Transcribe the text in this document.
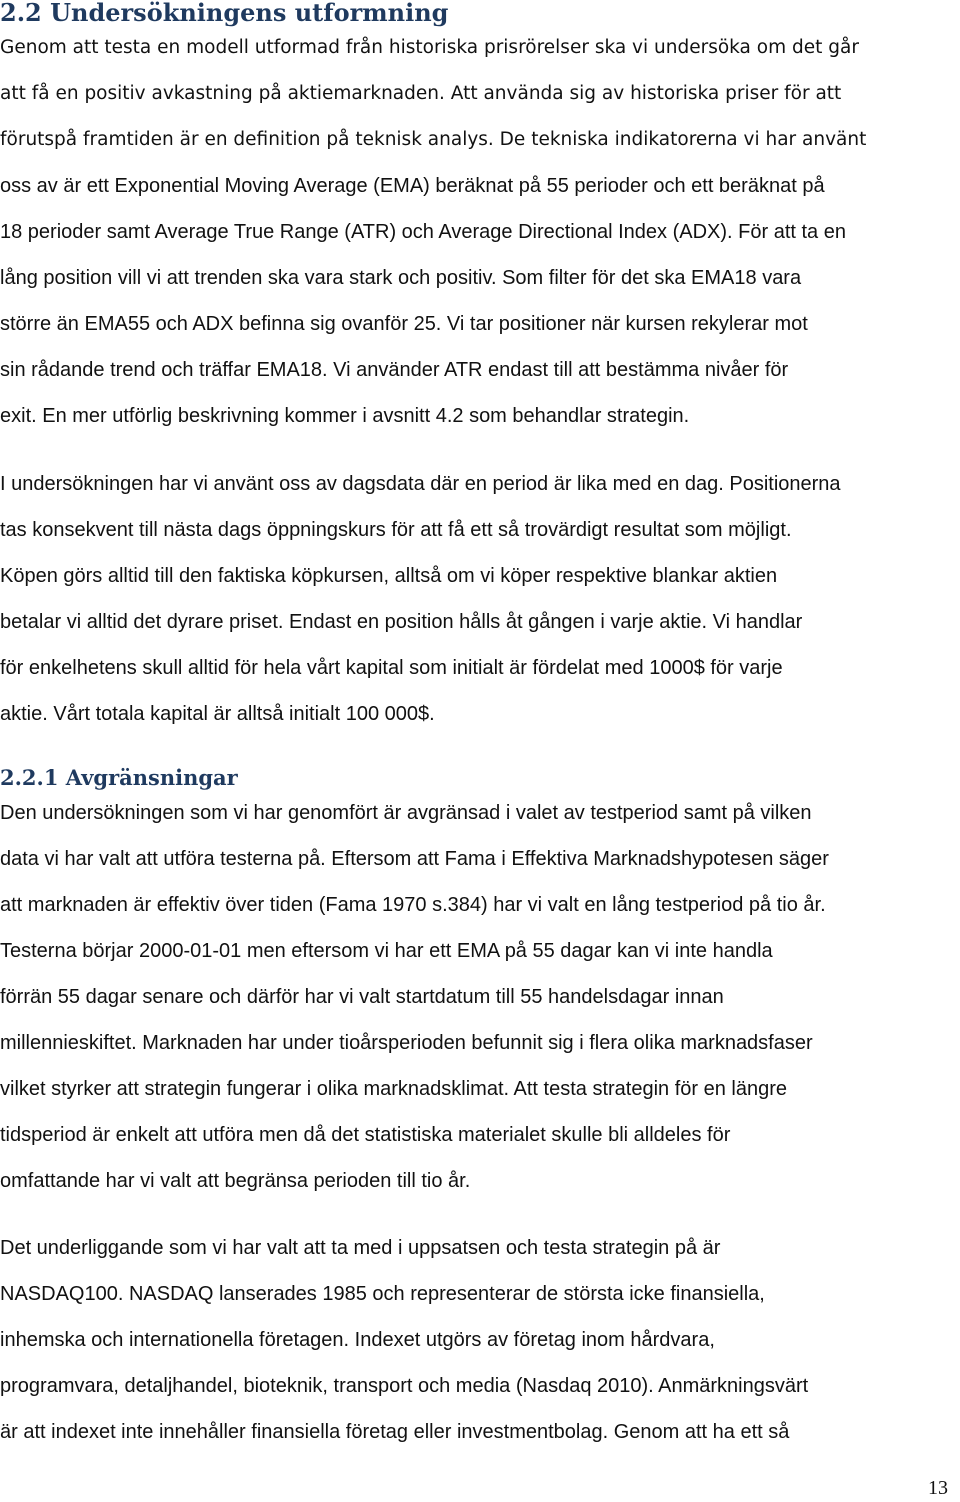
2.2 Undersökningens utformning

Genom att testa en modell utformad från historiska prisrörelser ska vi undersöka om det går

att få en positiv avkastning på aktiemarknaden. Att använda sig av historiska priser för att

förutspå framtiden är en definition på teknisk analys. De tekniska indikatorerna vi har använt

oss av är ett Exponential Moving Average (EMA) beräknat på 55 perioder och ett beräknat på

18 perioder samt Average True Range (ATR) och Average Directional Index (ADX). För att ta en

lång position vill vi att trenden ska vara stark och positiv. Som filter för det ska EMA18 vara

större än EMA55 och ADX befinna sig ovanför 25. Vi tar positioner när kursen rekylerar mot

sin rådande trend och träffar EMA18. Vi använder ATR endast till att bestämma nivåer för

exit. En mer utförlig beskrivning kommer i avsnitt 4.2 som behandlar strategin.

I undersökningen har vi använt oss av dagsdata där en period är lika med en dag. Positionerna

tas konsekvent till nästa dags öppningskurs för att få ett så trovärdigt resultat som möjligt.

Köpen görs alltid till den faktiska köpkursen, alltså om vi köper respektive blankar aktien

betalar vi alltid det dyrare priset. Endast en position hålls åt gången i varje aktie. Vi handlar

för enkelhetens skull alltid för hela vårt kapital som initialt är fördelat med 1000$ för varje

aktie. Vårt totala kapital är alltså initialt 100 000$.

2.2.1 Avgränsningar

Den undersökningen som vi har genomfört är avgränsad i valet av testperiod samt på vilken

data vi har valt att utföra testerna på. Eftersom att Fama i Effektiva Marknadshypotesen säger

att marknaden är effektiv över tiden (Fama 1970 s.384) har vi valt en lång testperiod på tio år.

Testerna börjar 2000-01-01 men eftersom vi har ett EMA på 55 dagar kan vi inte handla

förrän 55 dagar senare och därför har vi valt startdatum till 55 handelsdagar innan

millennieskiftet. Marknaden har under tioårsperioden befunnit sig i flera olika marknadsfaser

vilket styrker att strategin fungerar i olika marknadsklimat. Att testa strategin för en längre

tidsperiod är enkelt att utföra men då det statistiska materialet skulle bli alldeles för

omfattande har vi valt att begränsa perioden till tio år.

Det underliggande som vi har valt att ta med i uppsatsen och testa strategin på är

NASDAQ100. NASDAQ lanserades 1985 och representerar de största icke finansiella,

inhemska och internationella företagen. Indexet utgörs av företag inom hårdvara,

programvara, detaljhandel, bioteknik, transport och media (Nasdaq 2010). Anmärkningsvärt

är att indexet inte innehåller finansiella företag eller investmentbolag. Genom att ha ett så

13
